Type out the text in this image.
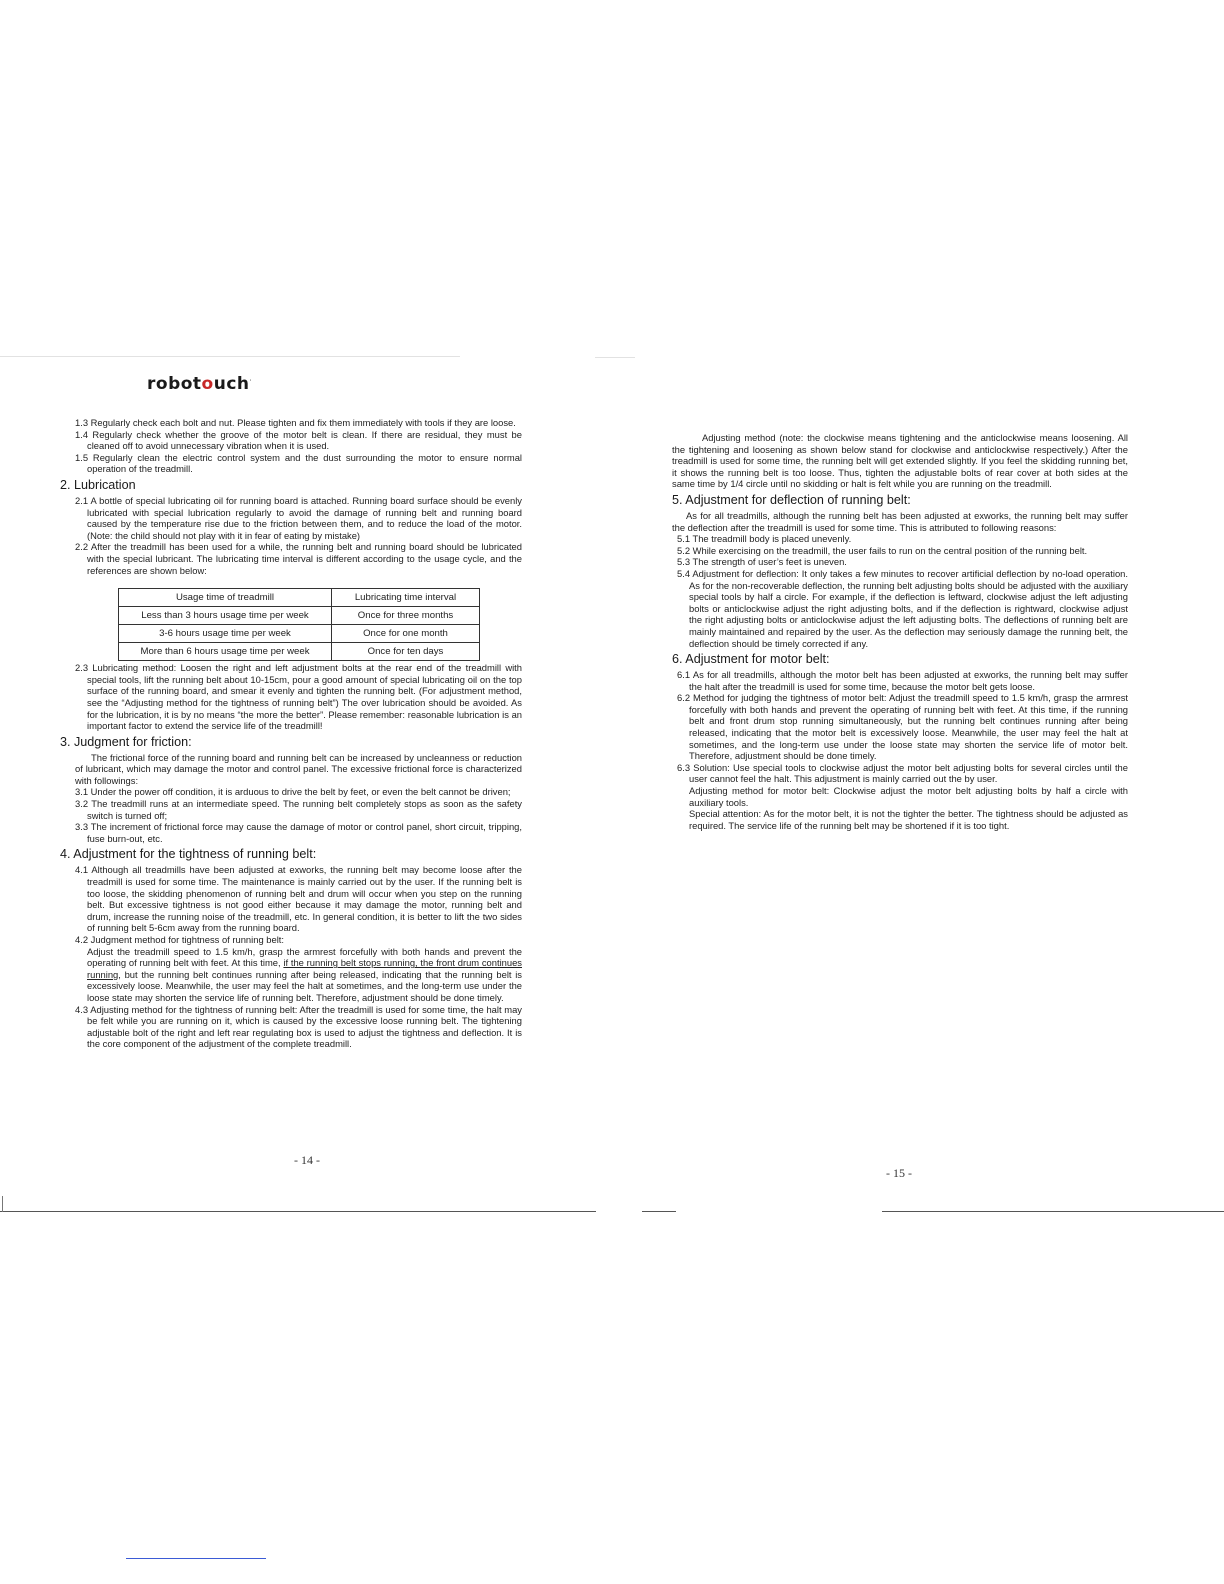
robotouch·

1.3 Regularly check each bolt and nut. Please tighten and fix them immediately with tools if they are loose.

1.4 Regularly check whether the groove of the motor belt is clean. If there are residual, they must be cleaned off to avoid unnecessary vibration when it is used.

1.5 Regularly clean the electric control system and the dust surrounding the motor to ensure normal operation of the treadmill.

2. Lubrication

2.1 A bottle of special lubricating oil for running board is attached. Running board surface should be evenly lubricated with special lubrication regularly to avoid the damage of running belt and running board caused by the temperature rise due to the friction between them, and to reduce the load of the motor. (Note: the child should not play with it in fear of eating by mistake)

2.2 After the treadmill has been used for a while, the running belt and running board should be lubricated with the special lubricant. The lubricating time interval is different according to the usage cycle, and the references are shown below:

Usage time of treadmill	Lubricating time interval
Less than 3 hours usage time per week	Once for three months
3-6 hours usage time per week	Once for one month
More than 6 hours usage time per week	Once for ten days

2.3 Lubricating method: Loosen the right and left adjustment bolts at the rear end of the treadmill with special tools, lift the running belt about 10-15cm, pour a good amount of special lubricating oil on the top surface of the running board, and smear it evenly and tighten the running belt. (For adjustment method, see the “Adjusting method for the tightness of running belt”) The over lubrication should be avoided. As for the lubrication, it is by no means “the more the better”. Please remember: reasonable lubrication is an important factor to extend the service life of the treadmill!

3. Judgment for friction:

The frictional force of the running board and running belt can be increased by uncleanness or reduction of lubricant, which may damage the motor and control panel. The excessive frictional force is characterized with followings:

3.1 Under the power off condition, it is arduous to drive the belt by feet, or even the belt cannot be driven;

3.2 The treadmill runs at an intermediate speed. The running belt completely stops as soon as the safety switch is turned off;

3.3 The increment of frictional force may cause the damage of motor or control panel, short circuit, tripping, fuse burn-out, etc.

4. Adjustment for the tightness of running belt:

4.1 Although all treadmills have been adjusted at exworks, the running belt may become loose after the treadmill is used for some time. The maintenance is mainly carried out by the user. If the running belt is too loose, the skidding phenomenon of running belt and drum will occur when you step on the running belt. But excessive tightness is not good either because it may damage the motor, running belt and drum, increase the running noise of the treadmill, etc. In general condition, it is better to lift the two sides of running belt 5-6cm away from the running board.

4.2 Judgment method for tightness of running belt:

Adjust the treadmill speed to 1.5 km/h, grasp the armrest forcefully with both hands and prevent the operating of running belt with feet. At this time, if the running belt stops running, the front drum continues running, but the running belt continues running after being released, indicating that the running belt is excessively loose. Meanwhile, the user may feel the halt at sometimes, and the long-term use under the loose state may shorten the service life of running belt. Therefore, adjustment should be done timely.

4.3 Adjusting method for the tightness of running belt: After the treadmill is used for some time, the halt may be felt while you are running on it, which is caused by the excessive loose running belt. The tightening adjustable bolt of the right and left rear regulating box is used to adjust the tightness and deflection. It is the core component of the adjustment of the complete treadmill.

- 14 -

Adjusting method (note: the clockwise means tightening and the anticlockwise means loosening. All the tightening and loosening as shown below stand for clockwise and anticlockwise respectively.) After the treadmill is used for some time, the running belt will get extended slightly. If you feel the skidding running bet, it shows the running belt is too loose. Thus, tighten the adjustable bolts of rear cover at both sides at the same time by 1/4 circle until no skidding or halt is felt while you are running on the treadmill.

5. Adjustment for deflection of running belt:

As for all treadmills, although the running belt has been adjusted at exworks, the running belt may suffer the deflection after the treadmill is used for some time. This is attributed to following reasons:

5.1 The treadmill body is placed unevenly.

5.2 While exercising on the treadmill, the user fails to run on the central position of the running belt.

5.3 The strength of user’s feet is uneven.

5.4 Adjustment for deflection: It only takes a few minutes to recover artificial deflection by no-load operation. As for the non-recoverable deflection, the running belt adjusting bolts should be adjusted with the auxiliary special tools by half a circle. For example, if the deflection is leftward, clockwise adjust the left adjusting bolts or anticlockwise adjust the right adjusting bolts, and if the deflection is rightward, clockwise adjust the right adjusting bolts or anticlockwise adjust the left adjusting bolts. The deflections of running belt are mainly maintained and repaired by the user. As the deflection may seriously damage the running belt, the deflection should be timely corrected if any.

6. Adjustment for motor belt:

6.1 As for all treadmills, although the motor belt has been adjusted at exworks, the running belt may suffer the halt after the treadmill is used for some time, because the motor belt gets loose.

6.2 Method for judging the tightness of motor belt: Adjust the treadmill speed to 1.5 km/h, grasp the armrest forcefully with both hands and prevent the operating of running belt with feet. At this time, if the running belt and front drum stop running simultaneously, but the running belt continues running after being released, indicating that the motor belt is excessively loose. Meanwhile, the user may feel the halt at sometimes, and the long-term use under the loose state may shorten the service life of motor belt. Therefore, adjustment should be done timely.

6.3 Solution: Use special tools to clockwise adjust the motor belt adjusting bolts for several circles until the user cannot feel the halt. This adjustment is mainly carried out the by user.

Adjusting method for motor belt: Clockwise adjust the motor belt adjusting bolts by half a circle with auxiliary tools.

Special attention: As for the motor belt, it is not the tighter the better. The tightness should be adjusted as required. The service life of the running belt may be shortened if it is too tight.

- 15 -
